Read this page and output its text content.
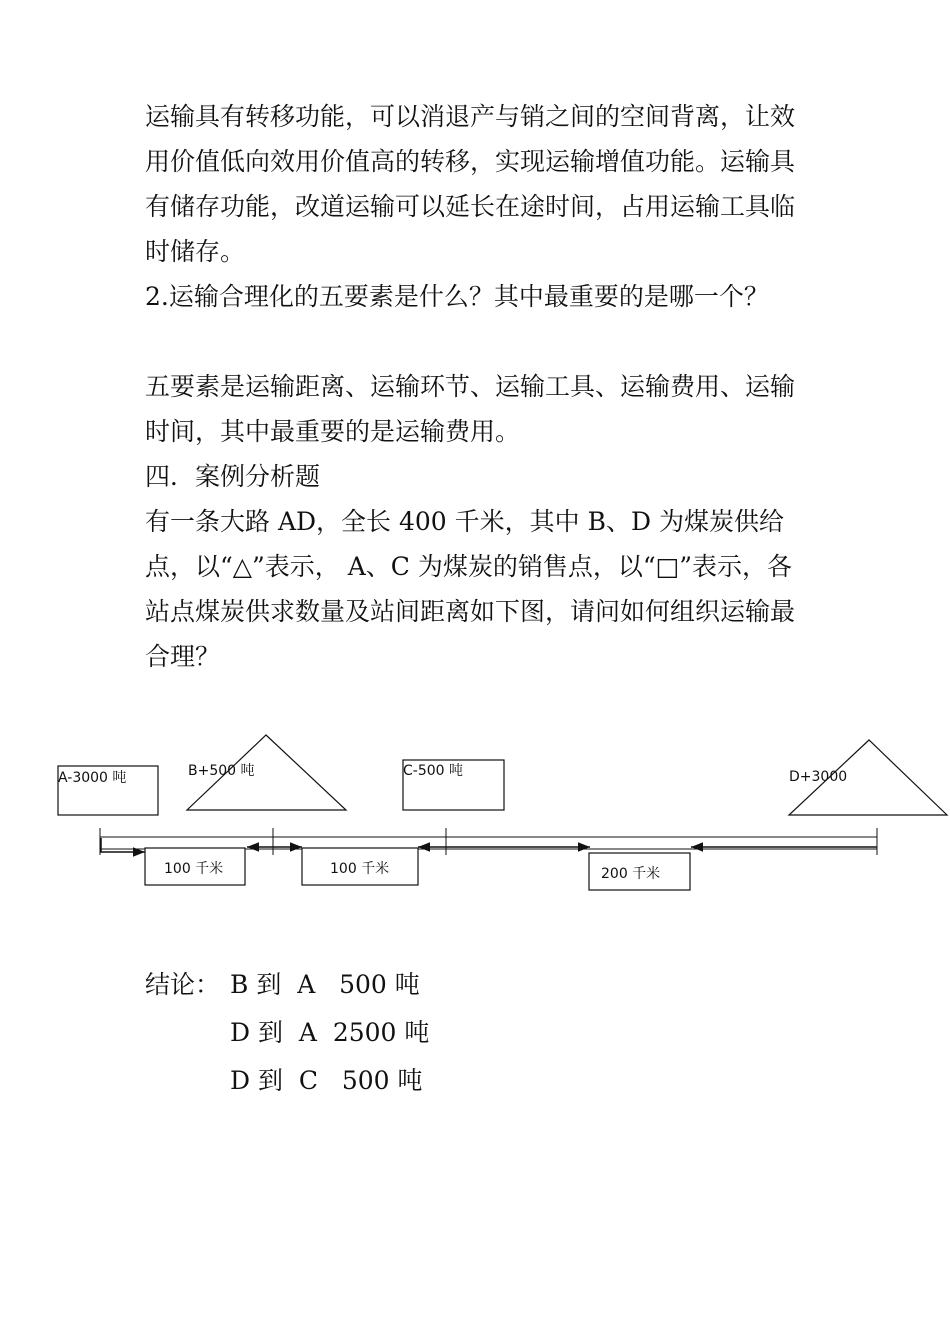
运输具有转移功能，可以消退产与销之间的空间背离，让效用价值低向效用价值高的转移，实现运输增值功能。运输具有储存功能，改道运输可以延长在途时间，占用运输工具临时储存。

2.运输合理化的五要素是什么？其中最重要的是哪一个？

五要素是运输距离、运输环节、运输工具、运输费用、运输时间，其中最重要的是运输费用。

四．案例分析题

有一条大路 AD，全长 400 千米，其中 B、D 为煤炭供给点，以“△”表示， A、C 为煤炭的销售点，以“□”表示，各站点煤炭供求数量及站间距离如下图，请问如何组织运输最合理？

A-3000 吨	B+500 吨	C-500 吨	D+3000
100 千米	100 千米	200 千米
结论： B 到  A   500 吨
D 到  A  2500 吨
D 到  C   500 吨
